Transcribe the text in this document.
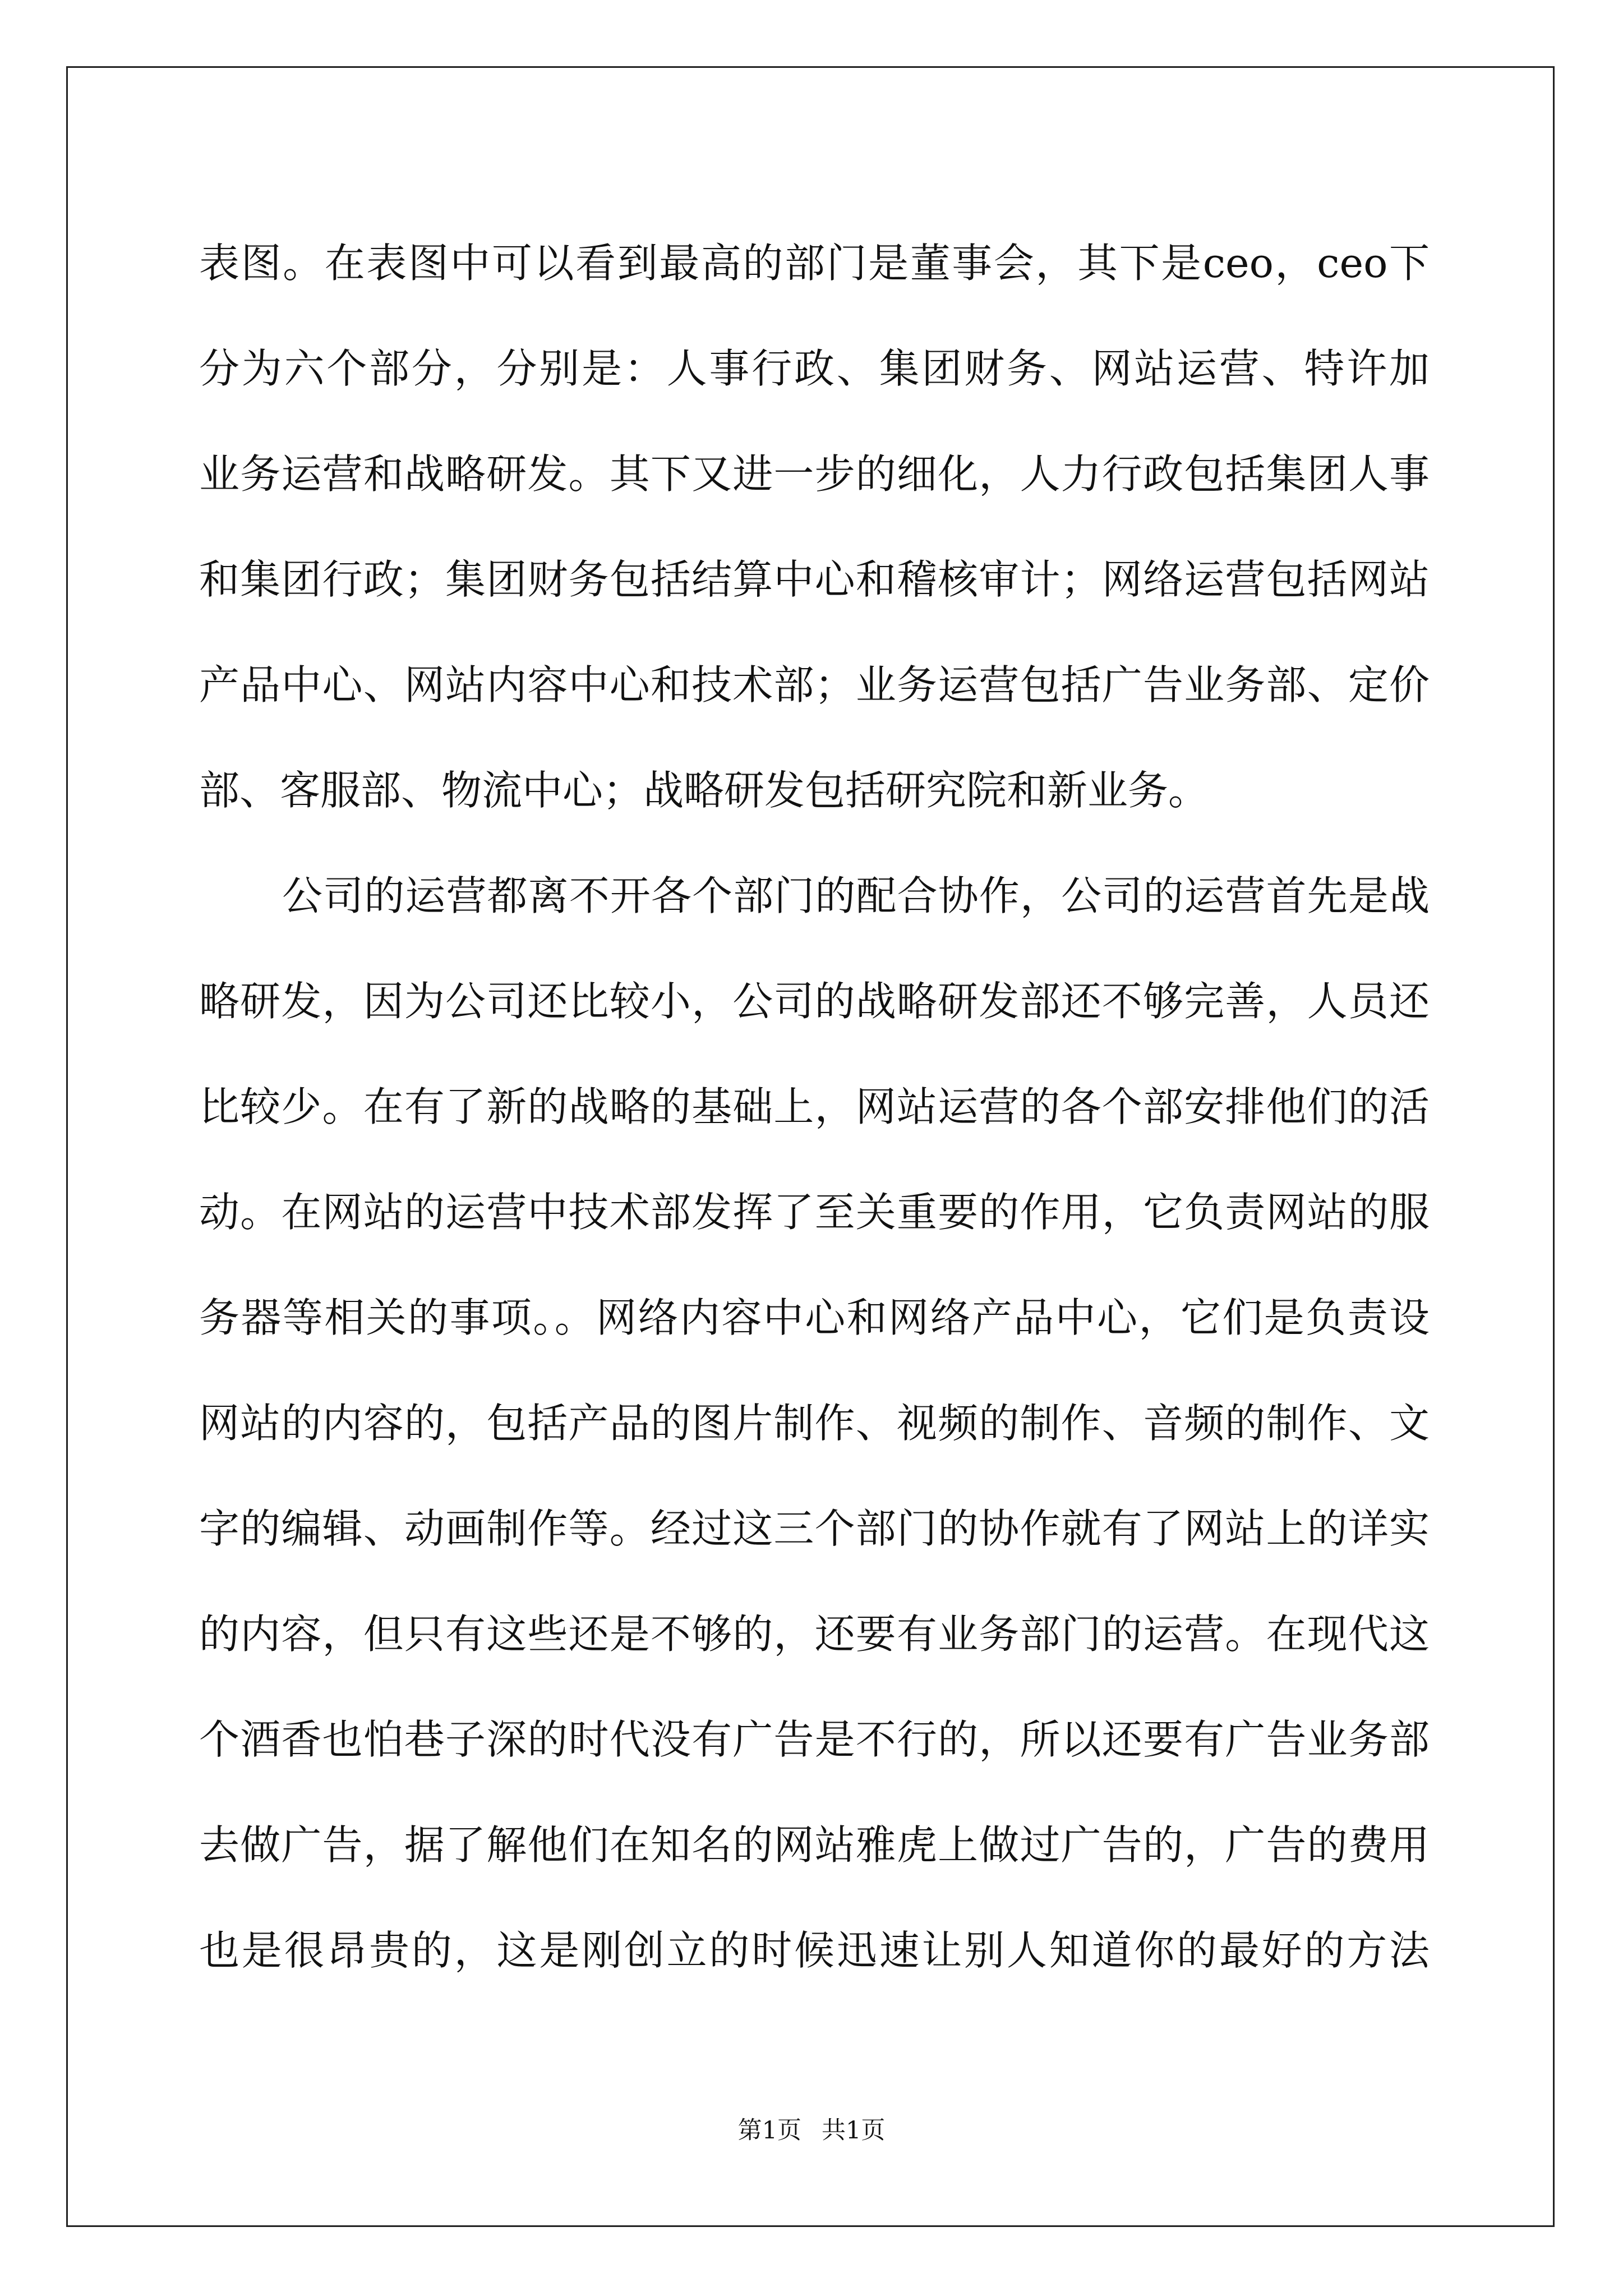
表图。在表图中可以看到最高的部门是董事会，其下是ceo，ceo下
分为六个部分，分别是：人事行政、集团财务、网站运营、特许加
业务运营和战略研发。其下又进一步的细化，人力行政包括集团人事
和集团行政；集团财务包括结算中心和稽核审计；网络运营包括网站
产品中心、网站内容中心和技术部；业务运营包括广告业务部、定价
部、客服部、物流中心；战略研发包括研究院和新业务。
公司的运营都离不开各个部门的配合协作，公司的运营首先是战
略研发，因为公司还比较小，公司的战略研发部还不够完善，人员还
比较少。在有了新的战略的基础上，网站运营的各个部安排他们的活
动。在网站的运营中技术部发挥了至关重要的作用，它负责网站的服
务器等相关的事项。。网络内容中心和网络产品中心，它们是负责设
网站的内容的，包括产品的图片制作、视频的制作、音频的制作、文
字的编辑、动画制作等。经过这三个部门的协作就有了网站上的详实
的内容，但只有这些还是不够的，还要有业务部门的运营。在现代这
个酒香也怕巷子深的时代没有广告是不行的，所以还要有广告业务部
去做广告，据了解他们在知名的网站雅虎上做过广告的，广告的费用
也是很昂贵的，这是刚创立的时候迅速让别人知道你的最好的方法
第1页 共1页
